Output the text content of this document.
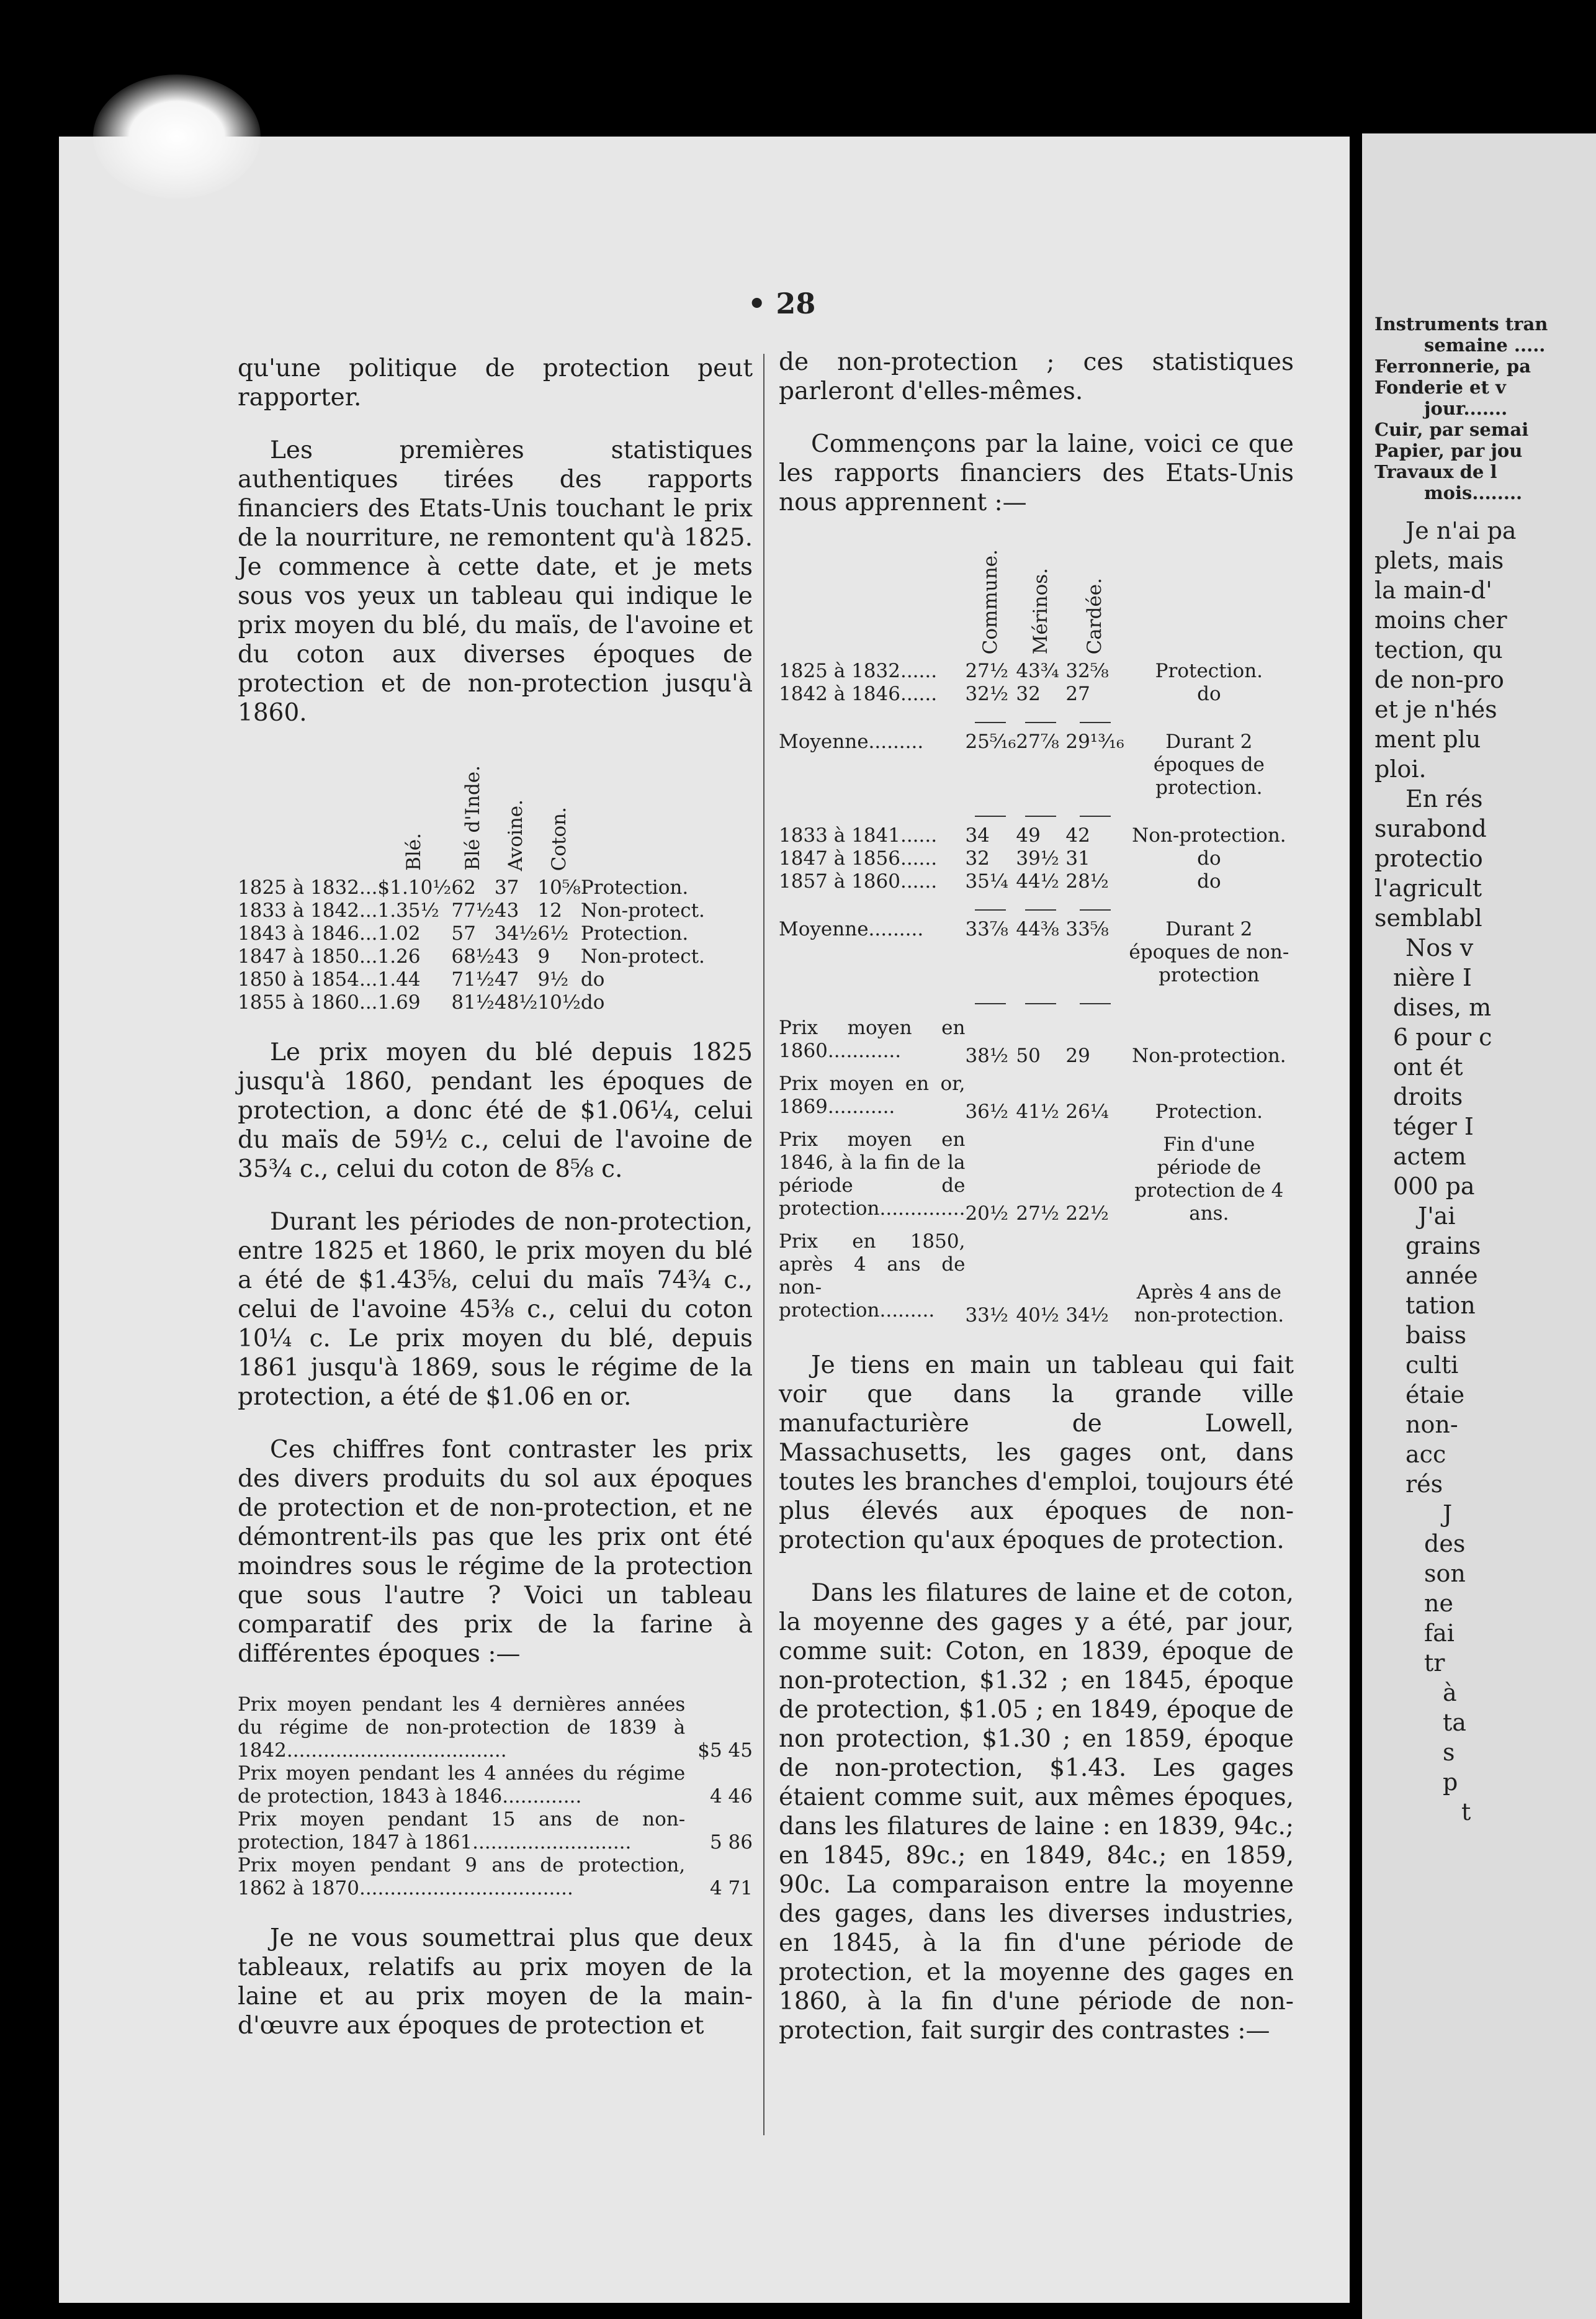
• 28

qu'une politique de protection peut rapporter.

Les premières statistiques authentiques tirées des rapports financiers des Etats-Unis touchant le prix de la nourriture, ne remontent qu'à 1825. Je commence à cette date, et je mets sous vos yeux un tableau qui indique le prix moyen du blé, du maïs, de l'avoine et du coton aux diverses époques de protection et de non-protection jusqu'à 1860.

	Blé.	Blé d'Inde.	Avoine.	Coton.	
1825 à 1832...	$1.10½	62	37	10⅝	Protection.
1833 à 1842...	1.35½	77½	43	12	Non-protect.
1843 à 1846...	1.02	57	34½	6½	Protection.
1847 à 1850...	1.26	68½	43	9	Non-protect.
1850 à 1854...	1.44	71½	47	9½	do
1855 à 1860...	1.69	81½	48½	10½	do

Le prix moyen du blé depuis 1825 jusqu'à 1860, pendant les époques de protection, a donc été de $1.06¼, celui du maïs de 59½ c., celui de l'avoine de 35¾ c., celui du coton de 8⅝ c.

Durant les périodes de non-protection, entre 1825 et 1860, le prix moyen du blé a été de $1.43⅝, celui du maïs 74¾ c., celui de l'avoine 45⅜ c., celui du coton 10¼ c. Le prix moyen du blé, depuis 1861 jusqu'à 1869, sous le régime de la protection, a été de $1.06 en or.

Ces chiffres font contraster les prix des divers produits du sol aux époques de protection et de non-protection, et ne démontrent-ils pas que les prix ont été moindres sous le régime de la protection que sous l'autre ? Voici un tableau comparatif des prix de la farine à différentes époques :—

Prix moyen pendant les 4 dernières années du régime de non-protection de 1839 à 1842....................................	$5 45
Prix moyen pendant les 4 années du régime de protection, 1843 à 1846.............	4 46
Prix moyen pendant 15 ans de non-protection, 1847 à 1861..........................	5 86
Prix moyen pendant 9 ans de protection, 1862 à 1870...................................	4 71

Je ne vous soumettrai plus que deux tableaux, relatifs au prix moyen de la laine et au prix moyen de la main-d'œuvre aux époques de protection et

de non-protection ; ces statistiques parleront d'elles-mêmes.

Commençons par la laine, voici ce que les rapports financiers des Etats-Unis nous apprennent :—

	Commune.	Mérinos.	Cardée.	
1825 à 1832......	27½	43¾	32⅝	Protection.
1842 à 1846......	32½	32	27	do

Moyenne.........	25⁵⁄₁₆	27⅞	29¹³⁄₁₆	Durant 2 époques de protection.

1833 à 1841......	34	49	42	Non-protection.
1847 à 1856......	32	39½	31	do
1857 à 1860......	35¼	44½	28½	do

Moyenne.........	33⅞	44⅜	33⅝	Durant 2 époques de non-protection

Prix moyen en 1860............	38½	50	29	Non-protection.
Prix moyen en or, 1869...........	36½	41½	26¼	Protection.
Prix moyen en 1846, à la fin de la période de protection..............	20½	27½	22½	Fin d'une période de protection de 4 ans.
Prix en 1850, après 4 ans de non-protection.........	33½	40½	34½	Après 4 ans de non-protection.

Je tiens en main un tableau qui fait voir que dans la grande ville manufacturière de Lowell, Massachusetts, les gages ont, dans toutes les branches d'emploi, toujours été plus élevés aux époques de non-protection qu'aux époques de protection.

Dans les filatures de laine et de coton, la moyenne des gages y a été, par jour, comme suit: Coton, en 1839, époque de non-protection, $1.32 ; en 1845, époque de protection, $1.05 ; en 1849, époque de non protection, $1.30 ; en 1859, époque de non-protection, $1.43. Les gages étaient comme suit, aux mêmes époques, dans les filatures de laine : en 1839, 94c.; en 1845, 89c.; en 1849, 84c.; en 1859, 90c. La comparaison entre la moyenne des gages, dans les diverses industries, en 1845, à la fin d'une période de protection, et la moyenne des gages en 1860, à la fin d'une période de non-protection, fait surgir des contrastes :—

Instruments tran

semaine .....

Ferronnerie, pa

Fonderie et v

jour.......

Cuir, par semai

Papier, par jou

Travaux de l

mois........

Je n'ai pa

plets, mais

la main-d'

moins cher

tection, qu

de non-pro

et je n'hés

ment plu

ploi.

En rés

surabond

protectio

l'agricult

semblabl

Nos v

nière I

dises, m

6 pour c

ont ét

droits

téger I

actem

000 pa

J'ai

grains

année

tation

baiss

culti

étaie

non-

acc

rés

J

des

son

ne

fai

tr

à

ta

s

p

t
